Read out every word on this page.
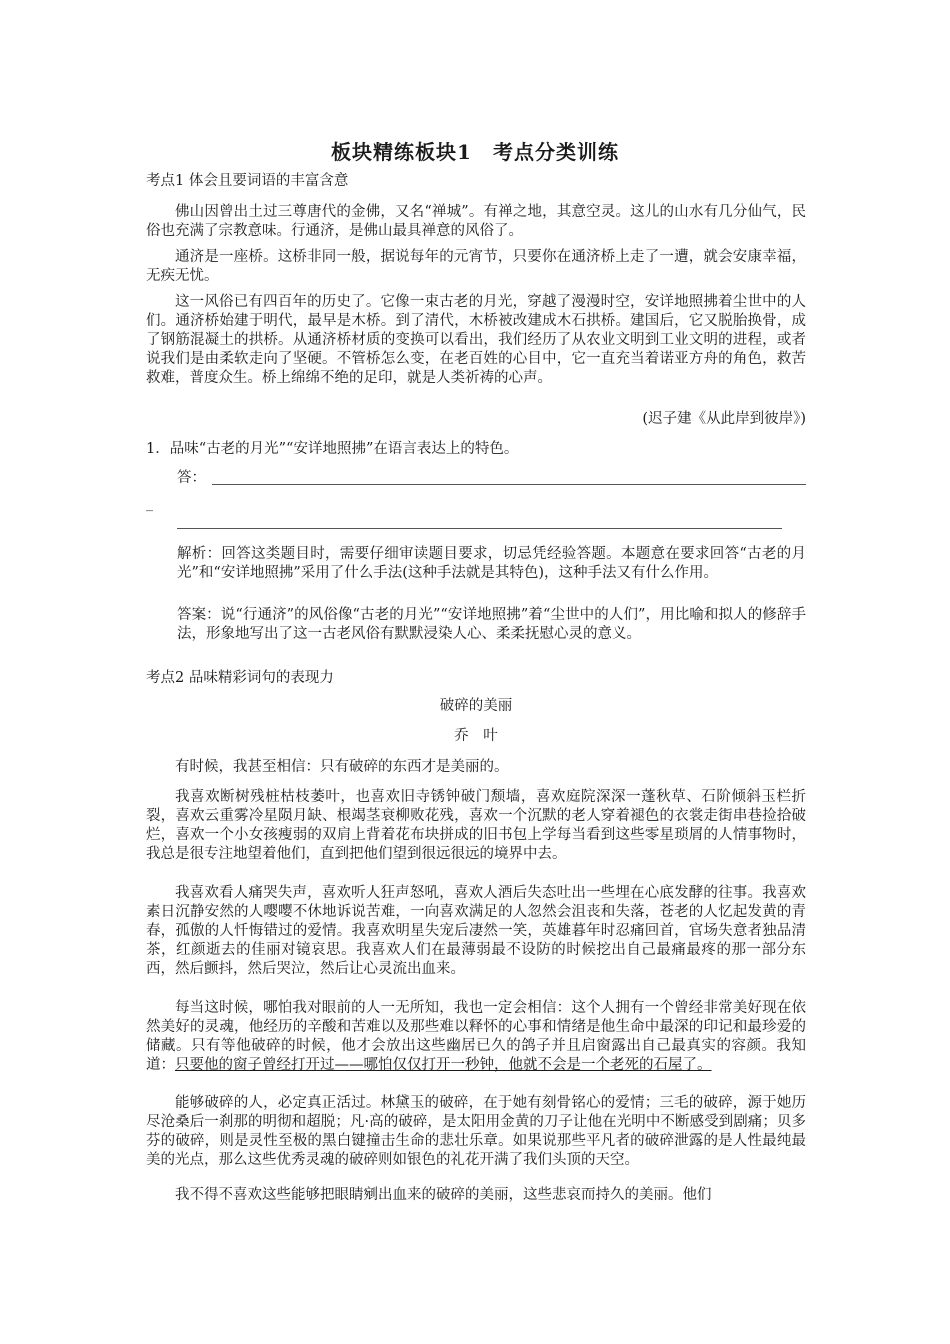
板块精练板块1　考点分类训练
考点1 体会且要词语的丰富含意
佛山因曾出土过三尊唐代的金佛，又名“禅城”。有禅之地，其意空灵。这儿的山水有几分仙气，民俗也充满了宗教意味。行通济，是佛山最具禅意的风俗了。
通济是一座桥。这桥非同一般，据说每年的元宵节，只要你在通济桥上走了一遭，就会安康幸福，无疾无忧。
这一风俗已有四百年的历史了。它像一束古老的月光，穿越了漫漫时空，安详地照拂着尘世中的人们。通济桥始建于明代，最早是木桥。到了清代，木桥被改建成木石拱桥。建国后，它又脱胎换骨，成了钢筋混凝土的拱桥。从通济桥材质的变换可以看出，我们经历了从农业文明到工业文明的进程，或者说我们是由柔软走向了坚硬。不管桥怎么变，在老百姓的心目中，它一直充当着诺亚方舟的角色，救苦救难，普度众生。桥上绵绵不绝的足印，就是人类祈祷的心声。
(迟子建《从此岸到彼岸》)
1．品味“古老的月光”“安详地照拂”在语言表达上的特色。
答：
_
解析：回答这类题目时，需要仔细审读题目要求，切忌凭经验答题。本题意在要求回答“古老的月光”和“安详地照拂”采用了什么手法(这种手法就是其特色)，这种手法又有什么作用。
答案：说“行通济”的风俗像“古老的月光”“安详地照拂”着“尘世中的人们”，用比喻和拟人的修辞手法，形象地写出了这一古老风俗有默默浸染人心、柔柔抚慰心灵的意义。
考点2 品味精彩词句的表现力
破碎的美丽
乔　叶
有时候，我甚至相信：只有破碎的东西才是美丽的。
我喜欢断树残桩枯枝萎叶，也喜欢旧寺锈钟破门颓墙，喜欢庭院深深一蓬秋草、石阶倾斜玉栏折裂，喜欢云重雾冷星陨月缺、根竭茎衰柳败花残，喜欢一个沉默的老人穿着褪色的衣裳走街串巷捡拾破烂，喜欢一个小女孩瘦弱的双肩上背着花布块拼成的旧书包上学每当看到这些零星琐屑的人情事物时，我总是很专注地望着他们，直到把他们望到很远很远的境界中去。
我喜欢看人痛哭失声，喜欢听人狂声怒吼，喜欢人酒后失态吐出一些埋在心底发酵的往事。我喜欢素日沉静安然的人嘤嘤不休地诉说苦难，一向喜欢满足的人忽然会沮丧和失落，苍老的人忆起发黄的青春，孤傲的人忏悔错过的爱情。我喜欢明星失宠后凄然一笑，英雄暮年时忍痛回首，官场失意者独品清茶，红颜逝去的佳丽对镜哀思。我喜欢人们在最薄弱最不设防的时候挖出自己最痛最疼的那一部分东西，然后颤抖，然后哭泣，然后让心灵流出血来。
每当这时候，哪怕我对眼前的人一无所知，我也一定会相信：这个人拥有一个曾经非常美好现在依然美好的灵魂，他经历的辛酸和苦难以及那些难以释怀的心事和情绪是他生命中最深的印记和最珍爱的储藏。只有等他破碎的时候，他才会放出这些幽居已久的鸽子并且启窗露出自己最真实的容颜。我知道：只要他的窗子曾经打开过——哪怕仅仅打开一秒钟，他就不会是一个老死的石屋了。
能够破碎的人，必定真正活过。林黛玉的破碎，在于她有刻骨铭心的爱情；三毛的破碎，源于她历尽沧桑后一刹那的明彻和超脱；凡·高的破碎，是太阳用金黄的刀子让他在光明中不断感受到剧痛；贝多芬的破碎，则是灵性至极的黑白键撞击生命的悲壮乐章。如果说那些平凡者的破碎泄露的是人性最纯最美的光点，那么这些优秀灵魂的破碎则如银色的礼花开满了我们头顶的天空。
我不得不喜欢这些能够把眼睛剜出血来的破碎的美丽，这些悲哀而持久的美丽。他们
